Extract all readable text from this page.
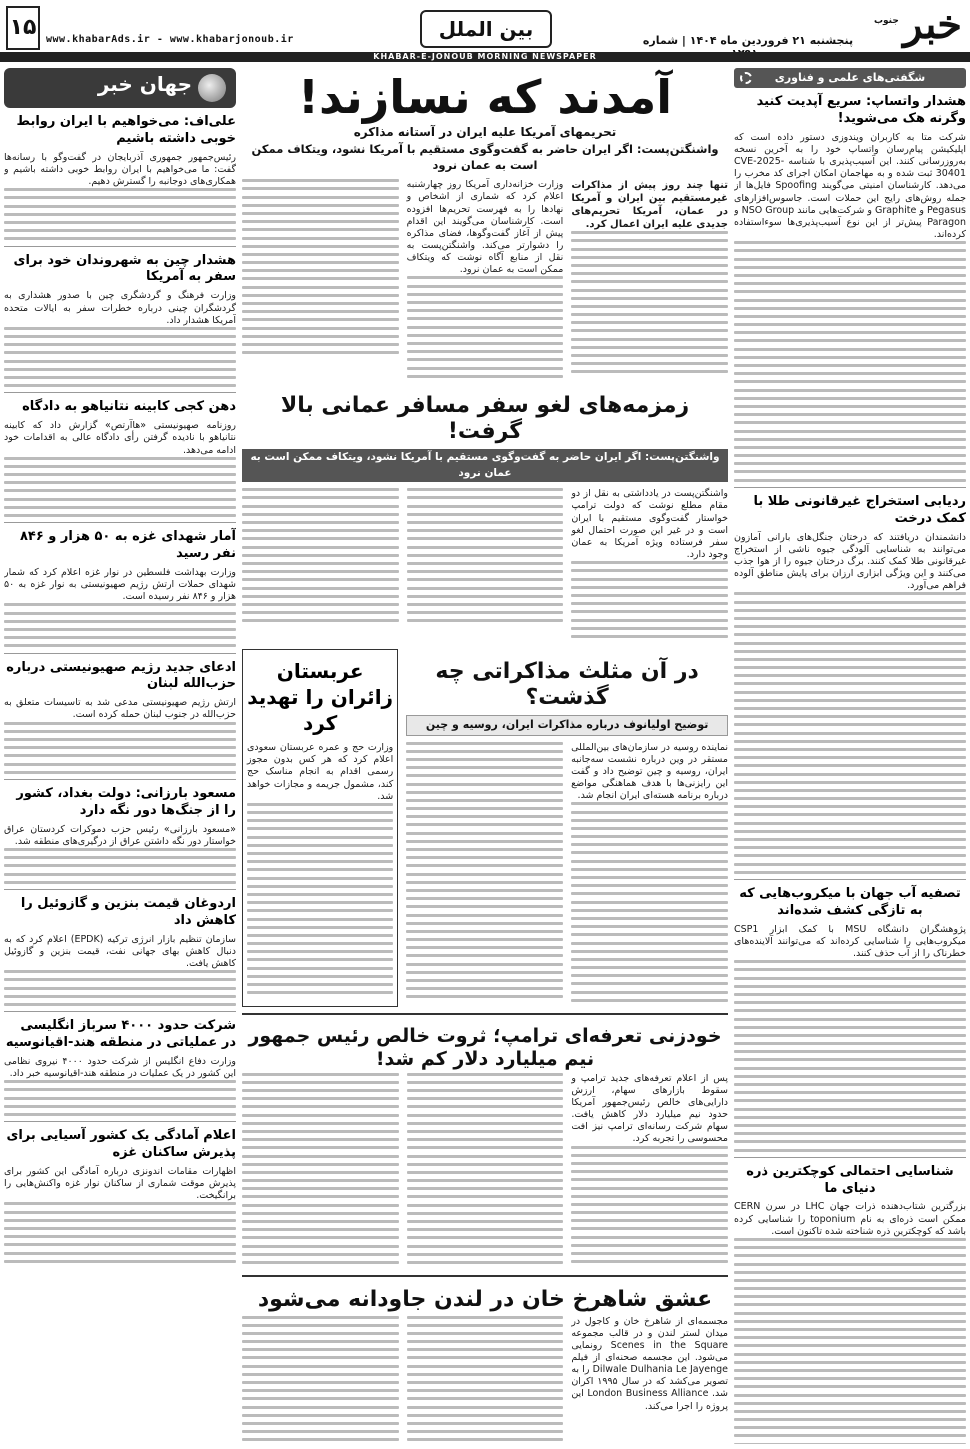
۱۵ www.khabarAds.ir - www.khabarjonoub.ir	بین الملل	پنجشنبه ۲۱ فروردین ماه ۱۴۰۴ | شماره	خبر
جنوب
KHABAR-E-JONOUB MORNING NEWSPAPER
شگفتی‌های علمی و فناوری
هشدار واتساپ: سریع آپدیت کنید وگرنه هک می‌شوید!
شرکت متا به کاربران ویندوزی دستور داده است که اپلیکیشن پیام‌رسان واتساپ خود را به آخرین نسخه به‌روزرسانی کنند. این آسیب‌پذیری با شناسه CVE-2025-30401 ثبت شده و به مهاجمان امکان اجرای کد مخرب را می‌دهد. کارشناسان امنیتی می‌گویند Spoofing فایل‌ها از جمله روش‌های رایج این حملات است. جاسوس‌افزارهای Pegasus و Graphite و شرکت‌هایی مانند NSO Group و Paragon پیش‌تر از این نوع آسیب‌پذیری‌ها سوءاستفاده کرده‌اند.
ردیابی استخراج غیرقانونی طلا با کمک درخت
دانشمندان دریافتند که درختان جنگل‌های بارانی آمازون می‌توانند به شناسایی آلودگی جیوه ناشی از استخراج غیرقانونی طلا کمک کنند. برگ درختان جیوه را از هوا جذب می‌کنند و این ویژگی ابزاری ارزان برای پایش مناطق آلوده فراهم می‌آورد.
تصفیه آب جهان با میکروب‌هایی که به تازگی کشف شده‌اند
پژوهشگران دانشگاه MSU با کمک ابزار CSP1 میکروب‌هایی را شناسایی کرده‌اند که می‌توانند آلاینده‌های خطرناک را از آب حذف کنند.
شناسایی احتمالی کوچکترین ذره دنیای ما
بزرگترین شتاب‌دهنده ذرات جهان LHC در سرن CERN ممکن است ذره‌ای به نام toponium را شناسایی کرده باشد که کوچکترین ذره شناخته شده تاکنون است.
آمدند که نسازند!
تحریمهای آمریکا علیه ایران در آستانه مذاکره
واشنگتن‌پست: اگر ایران حاضر به گفت‌وگوی مستقیم با آمریکا نشود، ویتکاف ممکن است به عمان نرود
تنها چند روز پیش از مذاکرات غیرمستقیم بین ایران و آمریکا در عمان، آمریکا تحریم‌های جدیدی علیه ایران اعمال کرد.
وزارت خزانه‌داری آمریکا روز چهارشنبه اعلام کرد که شماری از اشخاص و نهادها را به فهرست تحریم‌ها افزوده است. کارشناسان می‌گویند این اقدام پیش از آغاز گفت‌وگوها، فضای مذاکره را دشوارتر می‌کند. واشنگتن‌پست به نقل از منابع آگاه نوشت که ویتکاف ممکن است به عمان نرود.
زمزمه‌های لغو سفر مسافر عمانی بالا گرفت!
واشنگتن‌پست: اگر ایران حاضر به گفت‌وگوی مستقیم با آمریکا نشود، ویتکاف ممکن است به عمان نرود
واشنگتن‌پست در یادداشتی به نقل از دو مقام مطلع نوشت که دولت ترامپ خواستار گفت‌وگوی مستقیم با ایران است و در غیر این صورت احتمال لغو سفر فرستاده ویژه آمریکا به عمان وجود دارد.
در آن مثلث مذاکراتی چه گذشت؟
توضیح اولیانوف درباره مذاکرات ایران، روسیه و چین
نماینده روسیه در سازمان‌های بین‌المللی مستقر در وین درباره نشست سه‌جانبه ایران، روسیه و چین توضیح داد و گفت این رایزنی‌ها با هدف هماهنگی مواضع درباره برنامه هسته‌ای ایران انجام شد.
عربستان زائران را تهدید کرد
وزارت حج و عمره عربستان سعودی اعلام کرد که هر کس بدون مجوز رسمی اقدام به انجام مناسک حج کند، مشمول جریمه و مجازات خواهد شد.
خودزنی تعرفه‌ای ترامپ؛ ثروت خالص رئیس جمهور نیم میلیارد دلار کم شد!
پس از اعلام تعرفه‌های جدید ترامپ و سقوط بازارهای سهام، ارزش دارایی‌های خالص رئیس‌جمهور آمریکا حدود نیم میلیارد دلار کاهش یافت. سهام شرکت رسانه‌ای ترامپ نیز افت محسوسی را تجربه کرد.
عشق شاهرخ خان در لندن جاودانه می‌شود
مجسمه‌ای از شاهرخ خان و کاجول در میدان لستر لندن و در قالب مجموعه Scenes in the Square رونمایی می‌شود. این مجسمه صحنه‌ای از فیلم Dilwale Dulhania Le Jayenge را به تصویر می‌کشد که در سال ۱۹۹۵ اکران شد. London Business Alliance این پروژه را اجرا می‌کند.
جهان خبر
علی‌اف: می‌خواهیم با ایران روابط خوبی داشته باشیم
رئیس‌جمهور جمهوری آذربایجان در گفت‌وگو با رسانه‌ها گفت: ما می‌خواهیم با ایران روابط خوبی داشته باشیم و همکاری‌های دوجانبه را گسترش دهیم.
هشدار چین به شهروندان خود برای سفر به آمریکا
وزارت فرهنگ و گردشگری چین با صدور هشداری به گردشگران چینی درباره خطرات سفر به ایالات متحده آمریکا هشدار داد.
دهن کجی کابینه نتانیاهو به دادگاه
روزنامه صهیونیستی «هاآرتص» گزارش داد که کابینه نتانیاهو با نادیده گرفتن رأی دادگاه عالی به اقدامات خود ادامه می‌دهد.
آمار شهدای غزه به ۵۰ هزار و ۸۴۶ نفر رسید
وزارت بهداشت فلسطین در نوار غزه اعلام کرد که شمار شهدای حملات ارتش رژیم صهیونیستی به نوار غزه به ۵۰ هزار و ۸۴۶ نفر رسیده است.
ادعای جدید رژیم صهیونیستی درباره حزب‌الله لبنان
ارتش رژیم صهیونیستی مدعی شد به تاسیسات متعلق به حزب‌الله در جنوب لبنان حمله کرده است.
مسعود بارزانی: دولت بغداد، کشور را از جنگ‌ها دور نگه دارد
«مسعود بارزانی» رئیس حزب دموکرات کردستان عراق خواستار دور نگه داشتن عراق از درگیری‌های منطقه شد.
اردوغان قیمت بنزین و گازوئیل را کاهش داد
سازمان تنظیم بازار انرژی ترکیه (EPDK) اعلام کرد که به دنبال کاهش بهای جهانی نفت، قیمت بنزین و گازوئیل کاهش یافت.
شرکت حدود ۴۰۰۰ سرباز انگلیسی در عملیاتی در منطقه هند-اقیانوسیه
وزارت دفاع انگلیس از شرکت حدود ۴۰۰۰ نیروی نظامی این کشور در یک عملیات در منطقه هند-اقیانوسیه خبر داد.
اعلام آمادگی یک کشور آسیایی برای پذیرش ساکنان غزه
اظهارات مقامات اندونزی درباره آمادگی این کشور برای پذیرش موقت شماری از ساکنان نوار غزه واکنش‌هایی را برانگیخت.
